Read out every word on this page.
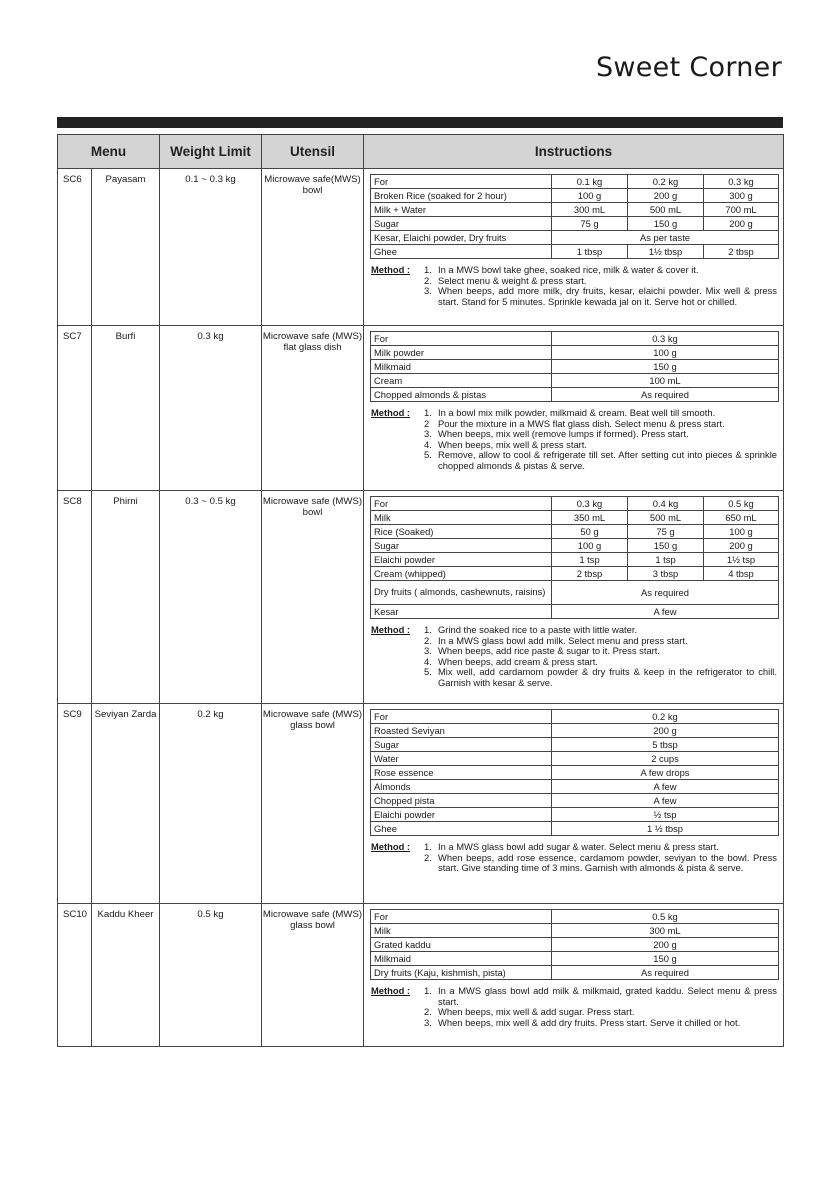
Sweet Corner
Menu	Weight Limit	Utensil	Instructions
SC6	Payasam	0.1 ~ 0.3 kg	Microwave safe(MWS) bowl	
For	0.1 kg	0.2 kg	0.3 kg
Broken Rice (soaked for 2 hour)	100 g	200 g	300 g
Milk + Water	300 mL	500 mL	700 mL
Sugar	75 g	150 g	200 g
Kesar, Elaichi powder, Dry fruits	As per taste
Ghee	1 tbsp	1½ tbsp	2 tbsp
Method :	1. In a MWS bowl take ghee, soaked rice, milk & water & cover it.
2. Select menu & weight & press start.
3. When beeps, add more milk, dry fruits, kesar, elaichi powder. Mix well & press start. Stand for 5 minutes. Sprinkle kewada jal on it. Serve hot or chilled.

SC7	Burfi	0.3 kg	Microwave safe (MWS) flat glass dish	
For	0.3 kg
Milk powder	100 g
Milkmaid	150 g
Cream	100 mL
Chopped almonds & pistas	As required
Method :	1. In a bowl mix milk powder, milkmaid & cream. Beat well till smooth.
2 Pour the mixture in a MWS flat glass dish. Select menu & press start.
3. When beeps, mix well (remove lumps if formed). Press start.
4. When beeps, mix well & press start.
5. Remove, allow to cool & refrigerate till set. After setting cut into pieces & sprinkle chopped almonds & pistas & serve.

SC8	Phirni	0.3 ~ 0.5 kg	Microwave safe (MWS) bowl	
For	0.3 kg	0.4 kg	0.5 kg
Milk	350 mL	500 mL	650 mL
Rice (Soaked)	50 g	75 g	100 g
Sugar	100 g	150 g	200 g
Elaichi powder	1 tsp	1 tsp	1½ tsp
Cream (whipped)	2 tbsp	3 tbsp	4 tbsp
Dry fruits ( almonds, cashewnuts, raisins)	As required
Kesar	A few
Method :	1. Grind the soaked rice to a paste with little water.
2. In a MWS glass bowl add milk. Select menu and press start.
3. When beeps, add rice paste & sugar to it. Press start.
4. When beeps, add cream & press start.
5. Mix well, add cardamom powder & dry fruits & keep in the refrigerator to chill. Garnish with kesar & serve.

SC9	Seviyan Zarda	0.2 kg	Microwave safe (MWS) glass bowl	
For	0.2 kg
Roasted Seviyan	200 g
Sugar	5 tbsp
Water	2 cups
Rose essence	A few drops
Almonds	A few
Chopped pista	A few
Elaichi powder	½ tsp
Ghee	1 ½ tbsp
Method :	1. In a MWS glass bowl add sugar & water. Select menu & press start.
2. When beeps, add rose essence, cardamom powder, seviyan to the bowl. Press start. Give standing time of 3 mins. Garnish with almonds & pista & serve.

SC10	Kaddu Kheer	0.5 kg	Microwave safe (MWS) glass bowl	
For	0.5 kg
Milk	300 mL
Grated kaddu	200 g
Milkmaid	150 g
Dry fruits (Kaju, kishmish, pista)	As required
Method :	1. In a MWS glass bowl add milk & milkmaid, grated kaddu. Select menu & press start.
2. When beeps, mix well & add sugar. Press start.
3. When beeps, mix well & add dry fruits. Press start. Serve it chilled or hot.
